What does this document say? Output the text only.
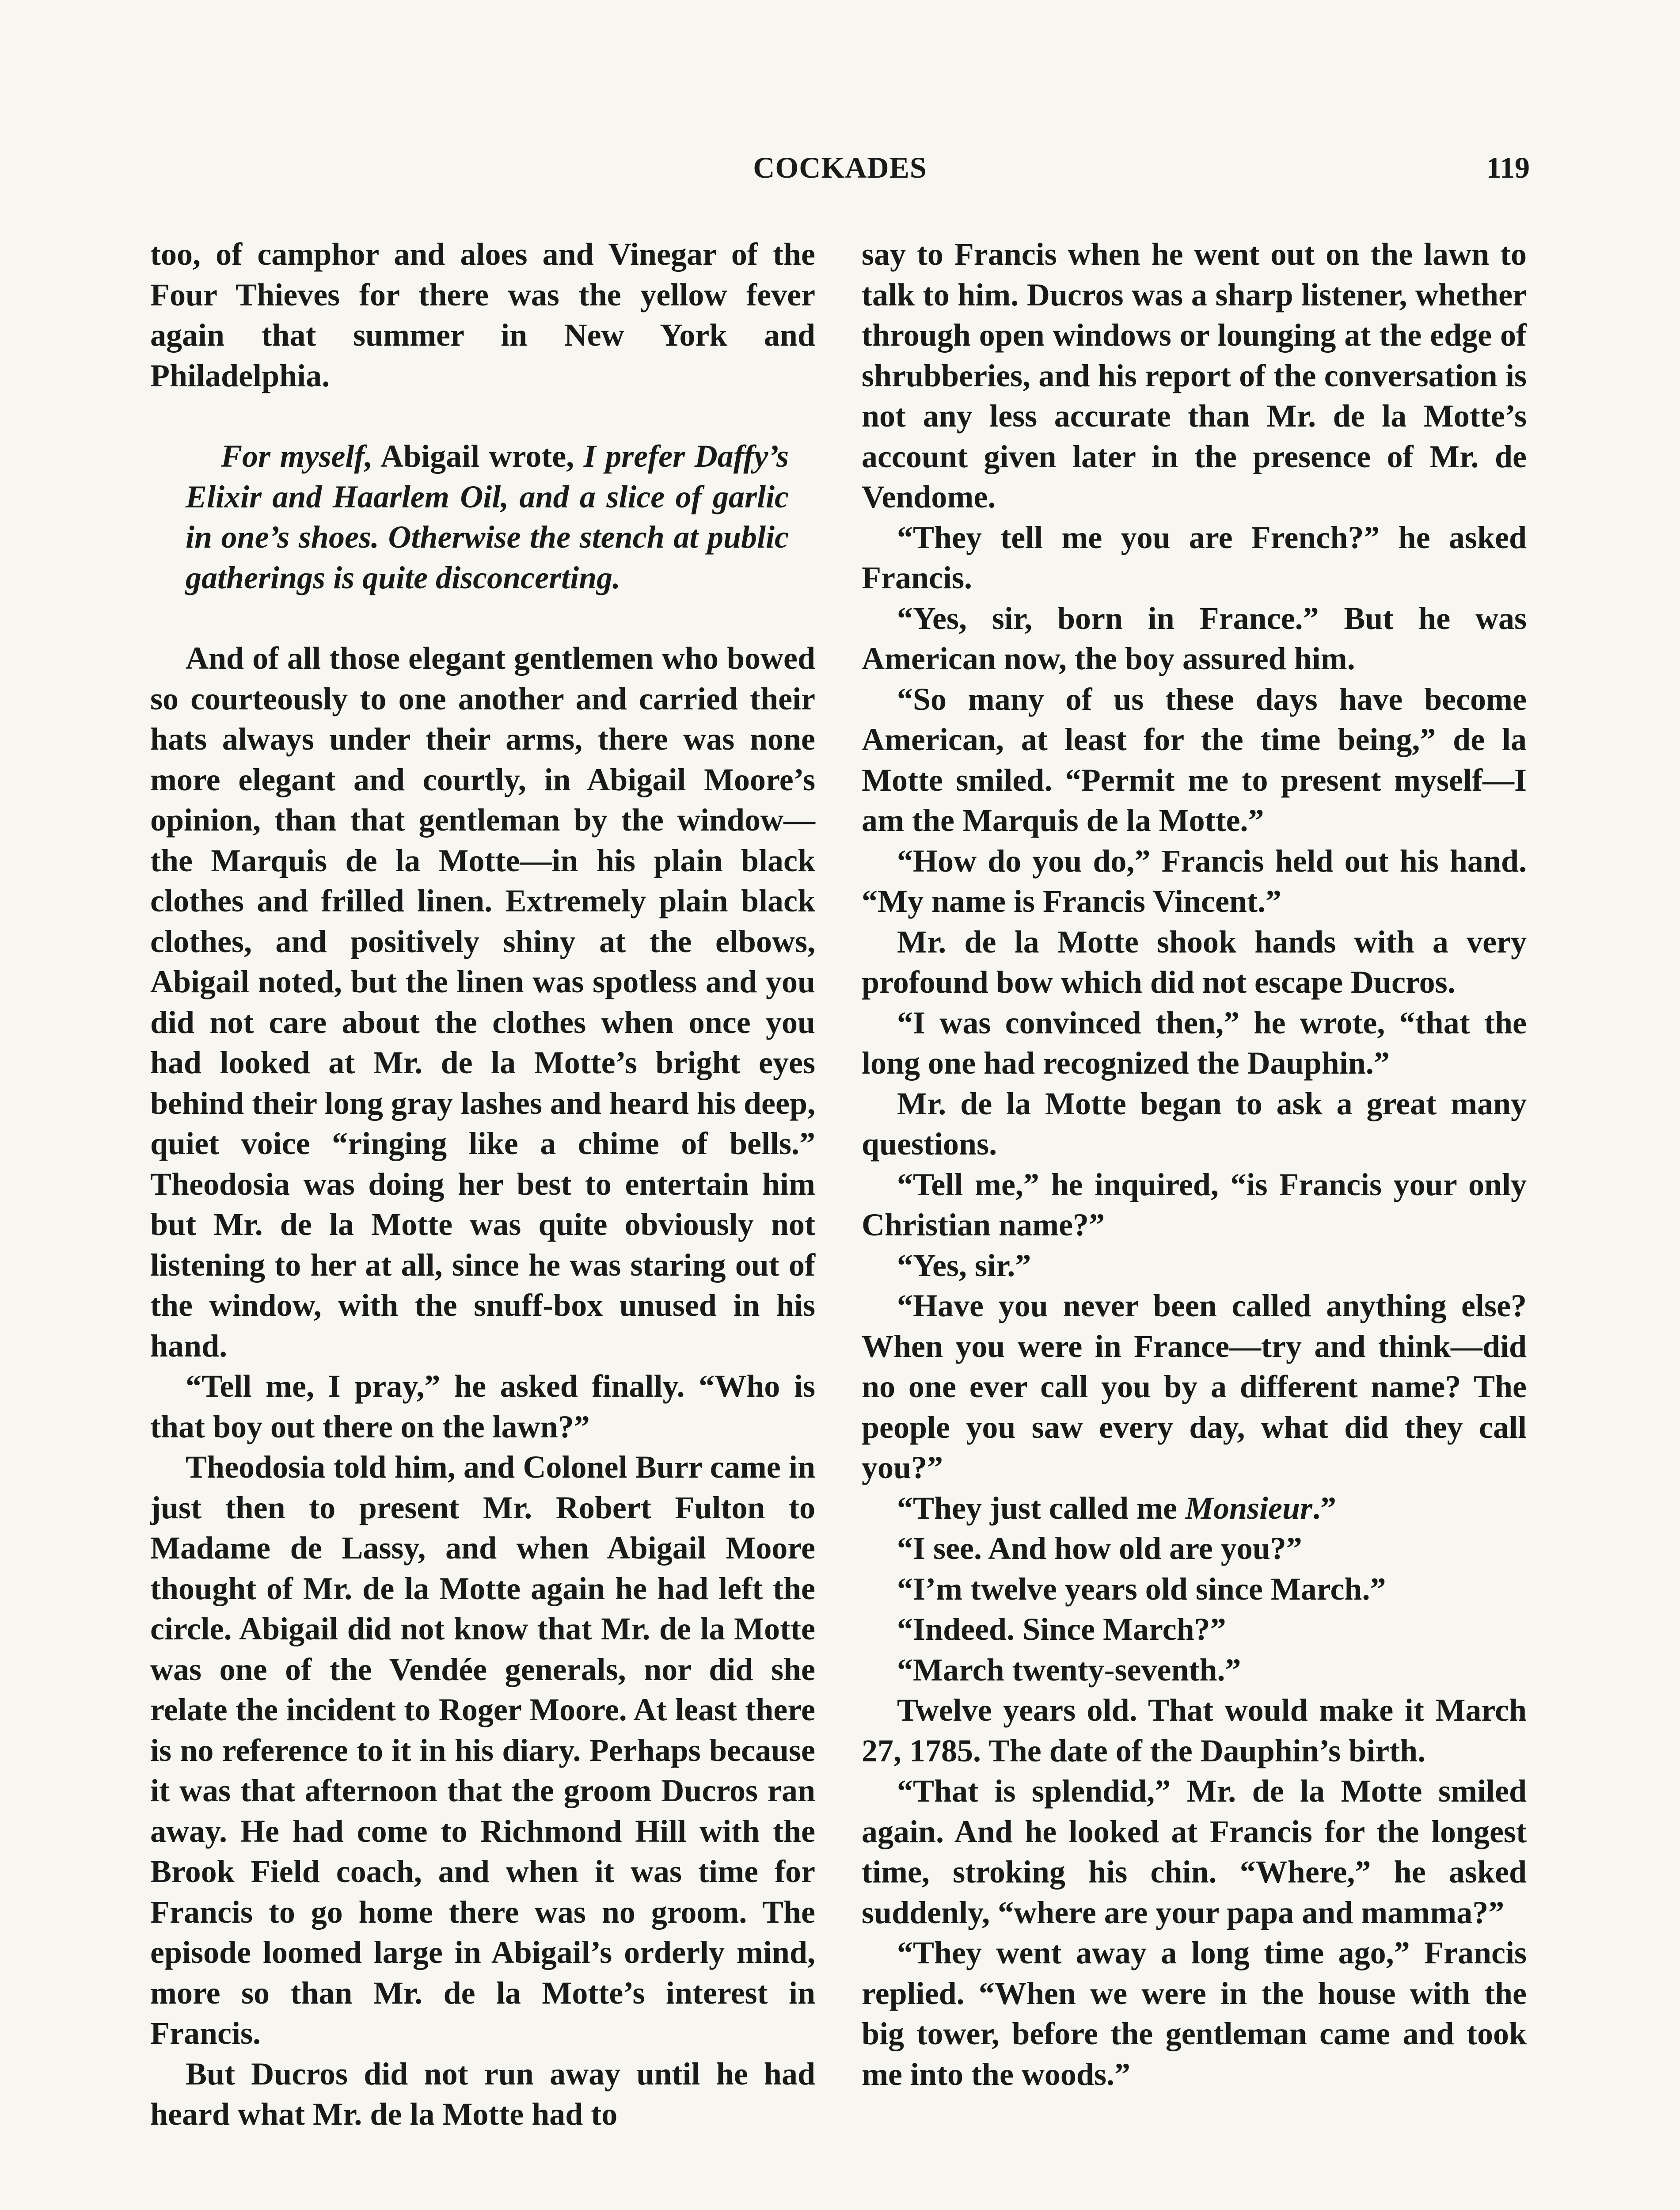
COCKADES	119

too, of camphor and aloes and Vinegar of the Four Thieves for there was the yellow fever again that summer in New York and Philadelphia.

For myself, Abigail wrote, I prefer Daffy’s Elixir and Haarlem Oil, and a slice of garlic in one’s shoes. Otherwise the stench at public gatherings is quite disconcerting.

And of all those elegant gentlemen who bowed so courteously to one another and carried their hats always under their arms, there was none more elegant and courtly, in Abigail Moore’s opinion, than that gentleman by the window—the Marquis de la Motte—in his plain black clothes and frilled linen. Extremely plain black clothes, and positively shiny at the elbows, Abigail noted, but the linen was spotless and you did not care about the clothes when once you had looked at Mr. de la Motte’s bright eyes behind their long gray lashes and heard his deep, quiet voice “ringing like a chime of bells.” Theodosia was doing her best to entertain him but Mr. de la Motte was quite obviously not listening to her at all, since he was staring out of the window, with the snuff-box unused in his hand.

“Tell me, I pray,” he asked finally. “Who is that boy out there on the lawn?”

Theodosia told him, and Colonel Burr came in just then to present Mr. Robert Fulton to Madame de Lassy, and when Abigail Moore thought of Mr. de la Motte again he had left the circle. Abigail did not know that Mr. de la Motte was one of the Vendée generals, nor did she relate the incident to Roger Moore. At least there is no reference to it in his diary. Perhaps because it was that afternoon that the groom Ducros ran away. He had come to Richmond Hill with the Brook Field coach, and when it was time for Francis to go home there was no groom. The episode loomed large in Abigail’s orderly mind, more so than Mr. de la Motte’s interest in Francis.

But Ducros did not run away until he had heard what Mr. de la Motte had to

say to Francis when he went out on the lawn to talk to him. Ducros was a sharp listener, whether through open windows or lounging at the edge of shrubberies, and his report of the conversation is not any less accurate than Mr. de la Motte’s account given later in the presence of Mr. de Vendome.

“They tell me you are French?” he asked Francis.

“Yes, sir, born in France.” But he was American now, the boy assured him.

“So many of us these days have become American, at least for the time being,” de la Motte smiled. “Permit me to present myself—I am the Marquis de la Motte.”

“How do you do,” Francis held out his hand. “My name is Francis Vincent.”

Mr. de la Motte shook hands with a very profound bow which did not escape Ducros.

“I was convinced then,” he wrote, “that the long one had recognized the Dauphin.”

Mr. de la Motte began to ask a great many questions.

“Tell me,” he inquired, “is Francis your only Christian name?”

“Yes, sir.”

“Have you never been called anything else? When you were in France—try and think—did no one ever call you by a different name? The people you saw every day, what did they call you?”

“They just called me Monsieur.”

“I see. And how old are you?”

“I’m twelve years old since March.”

“Indeed. Since March?”

“March twenty-seventh.”

Twelve years old. That would make it March 27, 1785. The date of the Dauphin’s birth.

“That is splendid,” Mr. de la Motte smiled again. And he looked at Francis for the longest time, stroking his chin. “Where,” he asked suddenly, “where are your papa and mamma?”

“They went away a long time ago,” Francis replied. “When we were in the house with the big tower, before the gentleman came and took me into the woods.”
